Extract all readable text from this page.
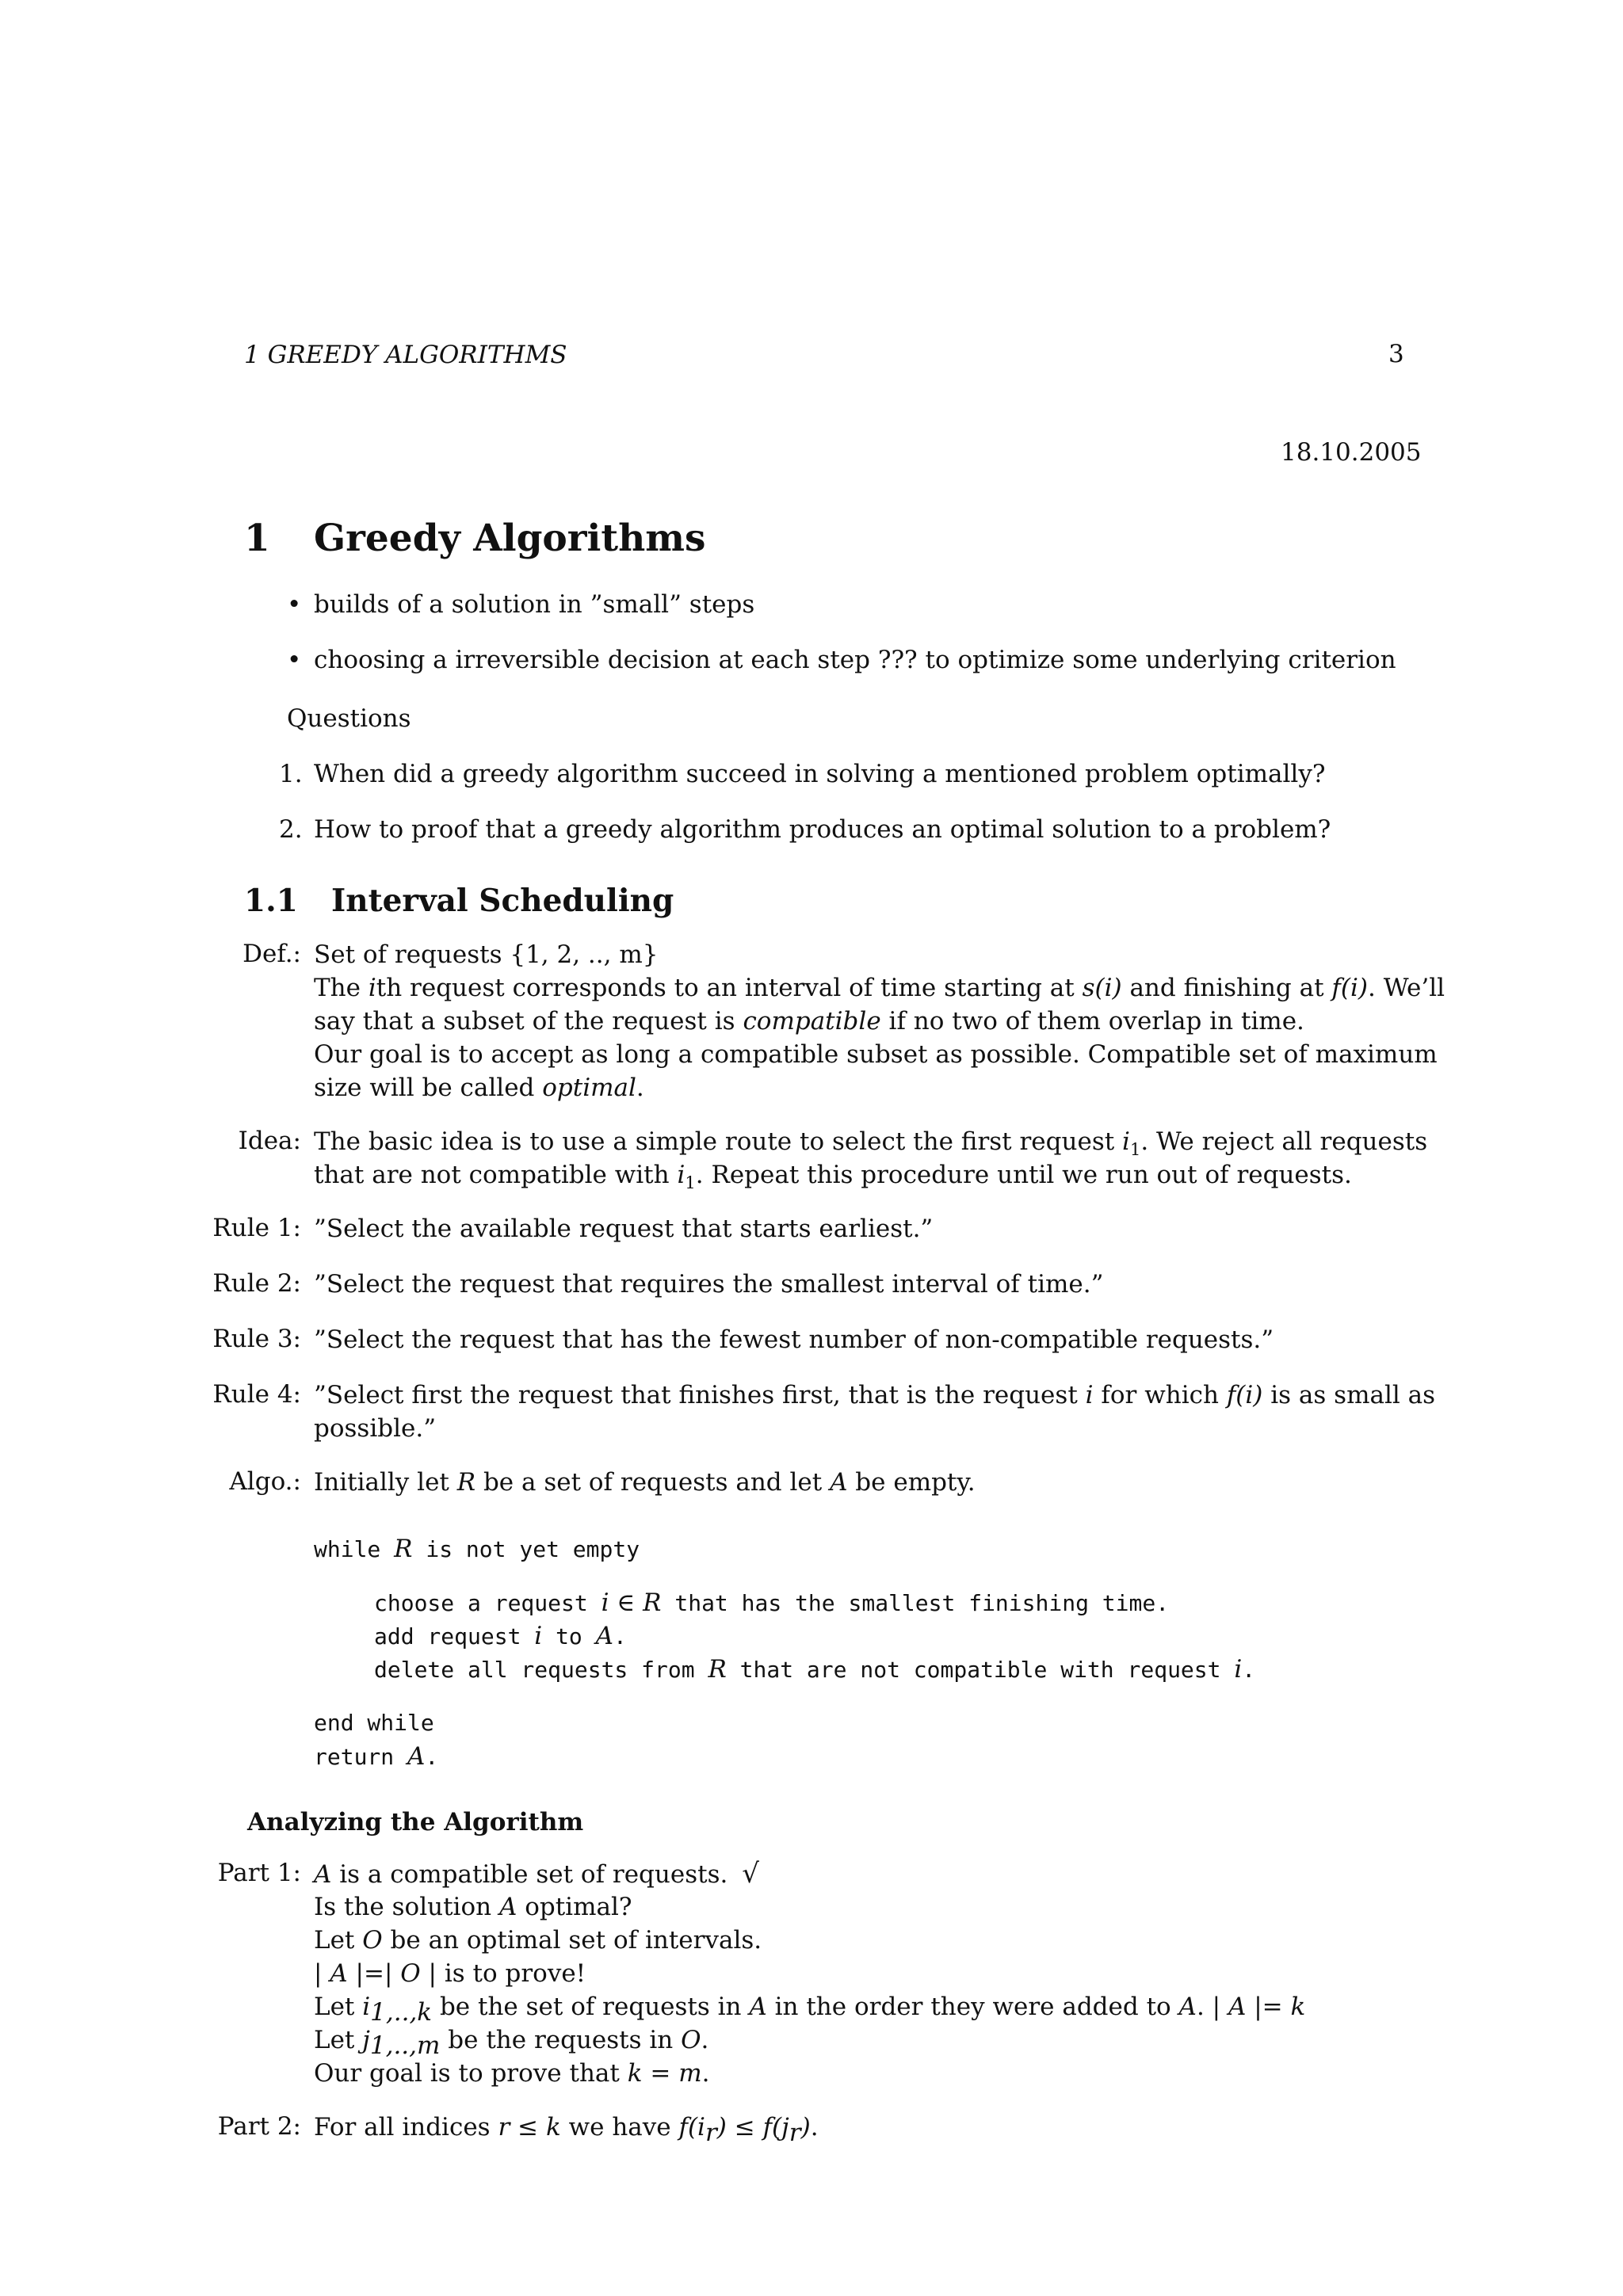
1 GREEDY ALGORITHMS	3
18.10.2005
1 Greedy Algorithms
• builds of a solution in ”small” steps
• choosing a irreversible decision at each step ??? to optimize some underlying criterion
Questions
1. When did a greedy algorithm succeed in solving a mentioned problem optimally?
2. How to proof that a greedy algorithm produces an optimal solution to a problem?
1.1 Interval Scheduling
Def.: Set of requests {1, 2, .., m}
The ith request corresponds to an interval of time starting at s(i) and finishing at f(i). We’ll
say that a subset of the request is compatible if no two of them overlap in time.
Our goal is to accept as long a compatible subset as possible. Compatible set of maximum
size will be called optimal.
Idea: The basic idea is to use a simple route to select the first request $i_1$. We reject all requests
that are not compatible with $i_1$. Repeat this procedure until we run out of requests.
Rule 1: ”Select the available request that starts earliest.”
Rule 2: ”Select the request that requires the smallest interval of time.”
Rule 3: ”Select the request that has the fewest number of non-compatible requests.”
Rule 4: ”Select first the request that finishes first, that is the request i for which f(i) is as small as
possible.”
Algo.: Initially let R be a set of requests and let A be empty.
while R is not yet empty
choose a request i ∈ R that has the smallest finishing time.
add request i to A.
delete all requests from R that are not compatible with request i.
end while
return A.
Analyzing the Algorithm
Part 1: A is a compatible set of requests. √
Is the solution A optimal?
Let O be an optimal set of intervals.
| A |=| O | is to prove!
Let $i_{1,..,k}$ be the set of requests in A in the order they were added to A. | A |= k
Let $j_{1,..,m}$ be the requests in O.
Our goal is to prove that k = m.
Part 2: For all indices r ≤ k we have $f(i_r) \le f(j_r)$.
